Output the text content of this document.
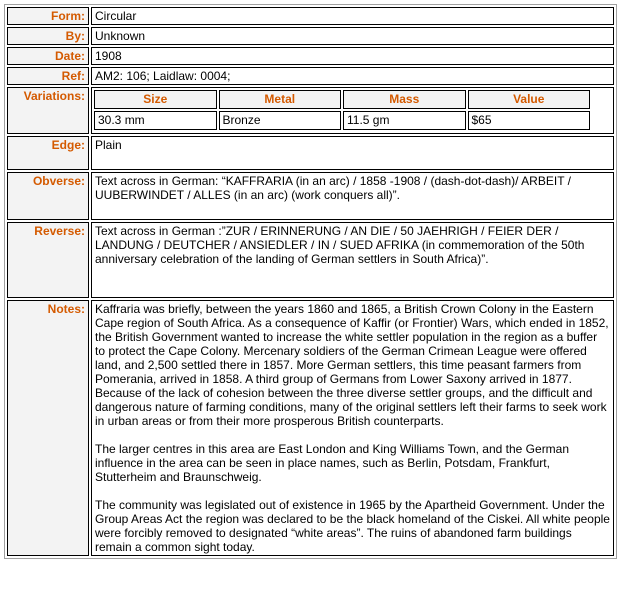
Form:	Circular
By:	Unknown
Date:	1908
Ref:	AM2: 106; Laidlaw: 0004;
Variations:		Size	Metal	Mass	Value
30.3 mm	Bronze	11.5 gm	$65

Edge:	Plain
Obverse:	Text across in German: “KAFFRARIA (in an arc) / 1858 -1908 / (dash-dot-dash)/ ARBEIT / UUBERWINDET / ALLES (in an arc) (work conquers all)”.
Reverse:	Text across in German :”ZUR / ERINNERUNG / AN DIE / 50 JAEHRIGH / FEIER DER / LANDUNG / DEUTCHER / ANSIEDLER / IN / SUED AFRIKA (in commemoration of the 50th anniversary celebration of the landing of German settlers in South Africa)”.
Notes:	Kaffraria was briefly, between the years 1860 and 1865, a British Crown Colony in the Eastern Cape region of South Africa. As a consequence of Kaffir (or Frontier) Wars, which ended in 1852, the British Government wanted to increase the white settler population in the region as a buffer to protect the Cape Colony. Mercenary soldiers of the German Crimean League were offered land, and 2,500 settled there in 1857. More German settlers, this time peasant farmers from Pomerania, arrived in 1858. A third group of Germans from Lower Saxony arrived in 1877. Because of the lack of cohesion between the three diverse settler groups, and the difficult and dangerous nature of farming conditions, many of the original settlers left their farms to seek work in urban areas or from their more prosperous British counterparts.

The larger centres in this area are East London and King Williams Town, and the German influence in the area can be seen in place names, such as Berlin, Potsdam, Frankfurt, Stutterheim and Braunschweig.

The community was legislated out of existence in 1965 by the Apartheid Government. Under the Group Areas Act the region was declared to be the black homeland of the Ciskei. All white people were forcibly removed to designated “white areas”. The ruins of abandoned farm buildings remain a common sight today.
